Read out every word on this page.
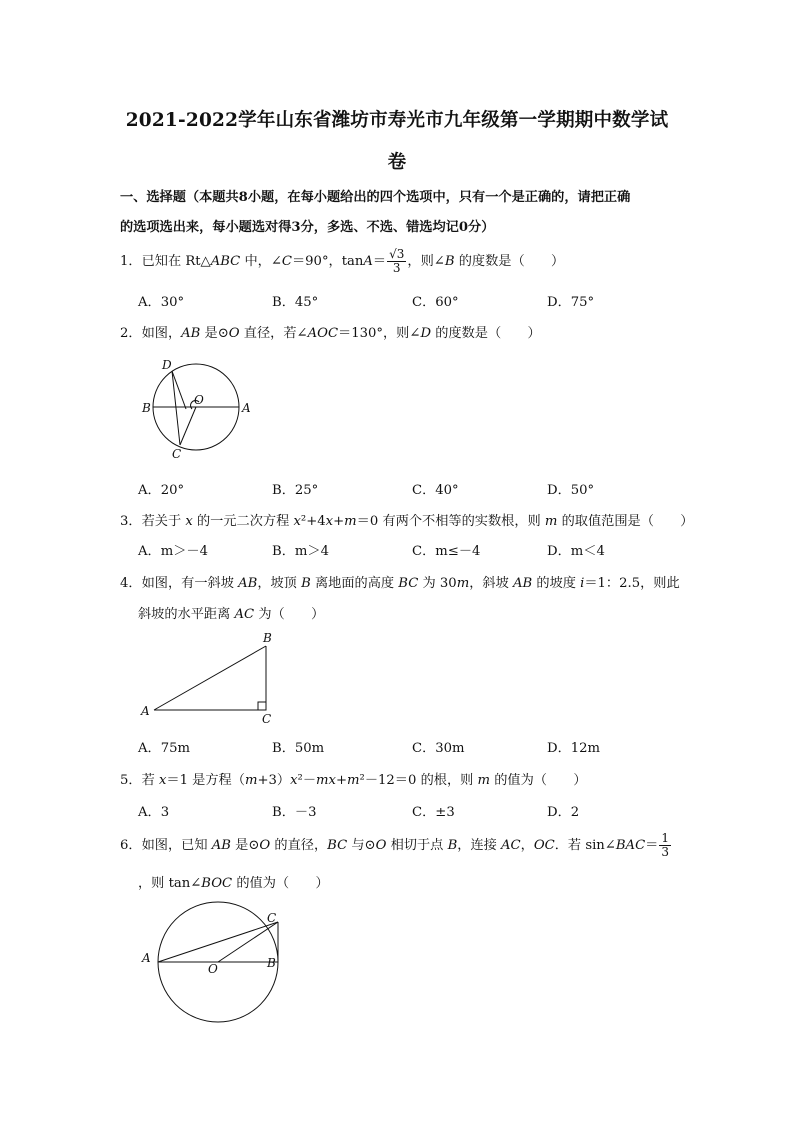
2021-2022学年山东省潍坊市寿光市九年级第一学期期中数学试
卷
一、选择题（本题共8小题，在每小题给出的四个选项中，只有一个是正确的，请把正确
的选项选出来，每小题选对得3分，多选、不选、错选均记0分）
1．已知在 Rt△ABC 中，∠C＝90°，$\tan A= \frac{√3}{3}$ ，则∠B 的度数是（　　）
A．30°	B．45°	C．60°	D．75°
2．如图，AB 是⊙O 直径，若∠AOC＝130°，则∠D 的度数是（　　）
D
B
O
A
C
A．20°	B．25°	C．40°	D．50°
3．若关于 x 的一元二次方程 x²+4x+m＝0 有两个不相等的实数根，则 m 的取值范围是（　　）
A．m＞－4	B．m＞4	C．m≤－4	D．m＜4
4．如图，有一斜坡 AB，坡顶 B 离地面的高度 BC 为 30m，斜坡 AB 的坡度 i＝1：2.5，则此
斜坡的水平距离 AC 为（　　）
B
A
C
A．75m	B．50m	C．30m	D．12m
5．若 x＝1 是方程（m+3）x²－mx+m²－12＝0 的根，则 m 的值为（　　）
A．3	B．－3	C．±3	D．2
6．如图，已知 AB 是⊙O 的直径，BC 与⊙O 相切于点 B，连接 AC，OC．若 sin∠BAC＝ $\frac{1}{3}$
，则 tan∠BOC 的值为（　　）
C
A
O	B
